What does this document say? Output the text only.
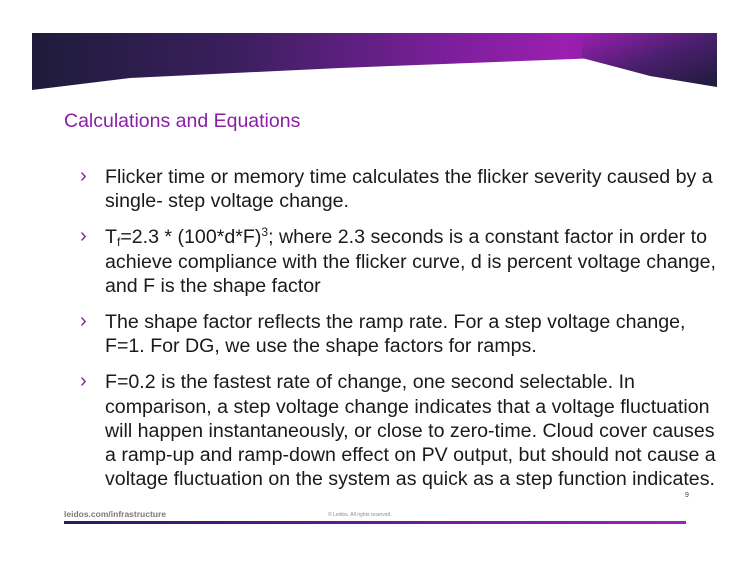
Calculations and Equations
› Flicker time or memory time calculates the flicker severity caused by a single- step voltage change.
› $T_f=2.3 * (100*d*F)^3$; where 2.3 seconds is a constant factor in order to achieve compliance with the flicker curve, d is percent voltage change, and F is the shape factor
› The shape factor reflects the ramp rate. For a step voltage change, F=1. For DG, we use the shape factors for ramps.
› F=0.2 is the fastest rate of change, one second selectable. In comparison, a step voltage change indicates that a voltage fluctuation will happen instantaneously, or close to zero-time. Cloud cover causes a ramp-up and ramp-down effect on PV output, but should not cause a voltage fluctuation on the system as quick as a step function indicates.
leidos.com/infrastructure	© Leidos. All rights reserved.
9
